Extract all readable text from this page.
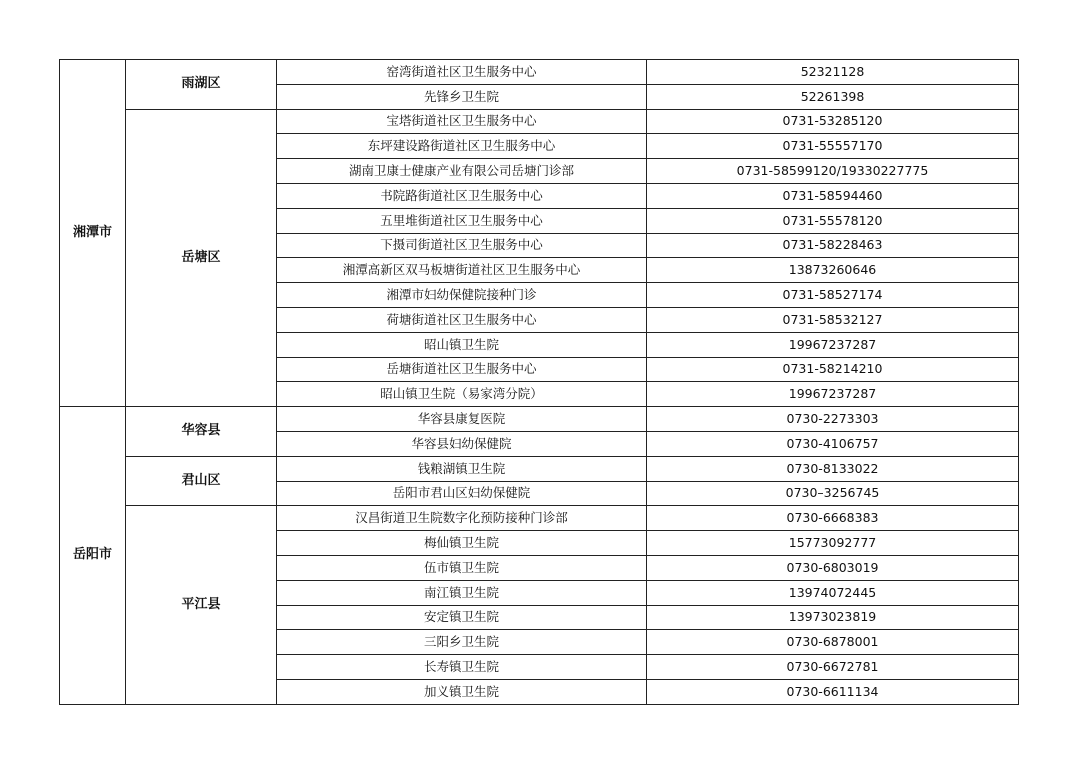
湘潭市	雨湖区	窑湾街道社区卫生服务中心	52321128
		先锋乡卫生院	52261398
	岳塘区	宝塔街道社区卫生服务中心	0731-53285120
		东坪建设路街道社区卫生服务中心	0731-55557170
		湖南卫康士健康产业有限公司岳塘门诊部	0731-58599120/19330227775
		书院路街道社区卫生服务中心	0731-58594460
		五里堆街道社区卫生服务中心	0731-55578120
		下摄司街道社区卫生服务中心	0731-58228463
		湘潭高新区双马板塘街道社区卫生服务中心	13873260646
		湘潭市妇幼保健院接种门诊	0731-58527174
		荷塘街道社区卫生服务中心	0731-58532127
		昭山镇卫生院	19967237287
		岳塘街道社区卫生服务中心	0731-58214210
		昭山镇卫生院（易家湾分院）	19967237287
岳阳市	华容县	华容县康复医院	0730-2273303
		华容县妇幼保健院	0730-4106757
	君山区	钱粮湖镇卫生院	0730-8133022
		岳阳市君山区妇幼保健院	0730–3256745
	平江县	汉昌街道卫生院数字化预防接种门诊部	0730-6668383
		梅仙镇卫生院	15773092777
		伍市镇卫生院	0730-6803019
		南江镇卫生院	13974072445
		安定镇卫生院	13973023819
		三阳乡卫生院	0730-6878001
		长寿镇卫生院	0730-6672781
		加义镇卫生院	0730-6611134
